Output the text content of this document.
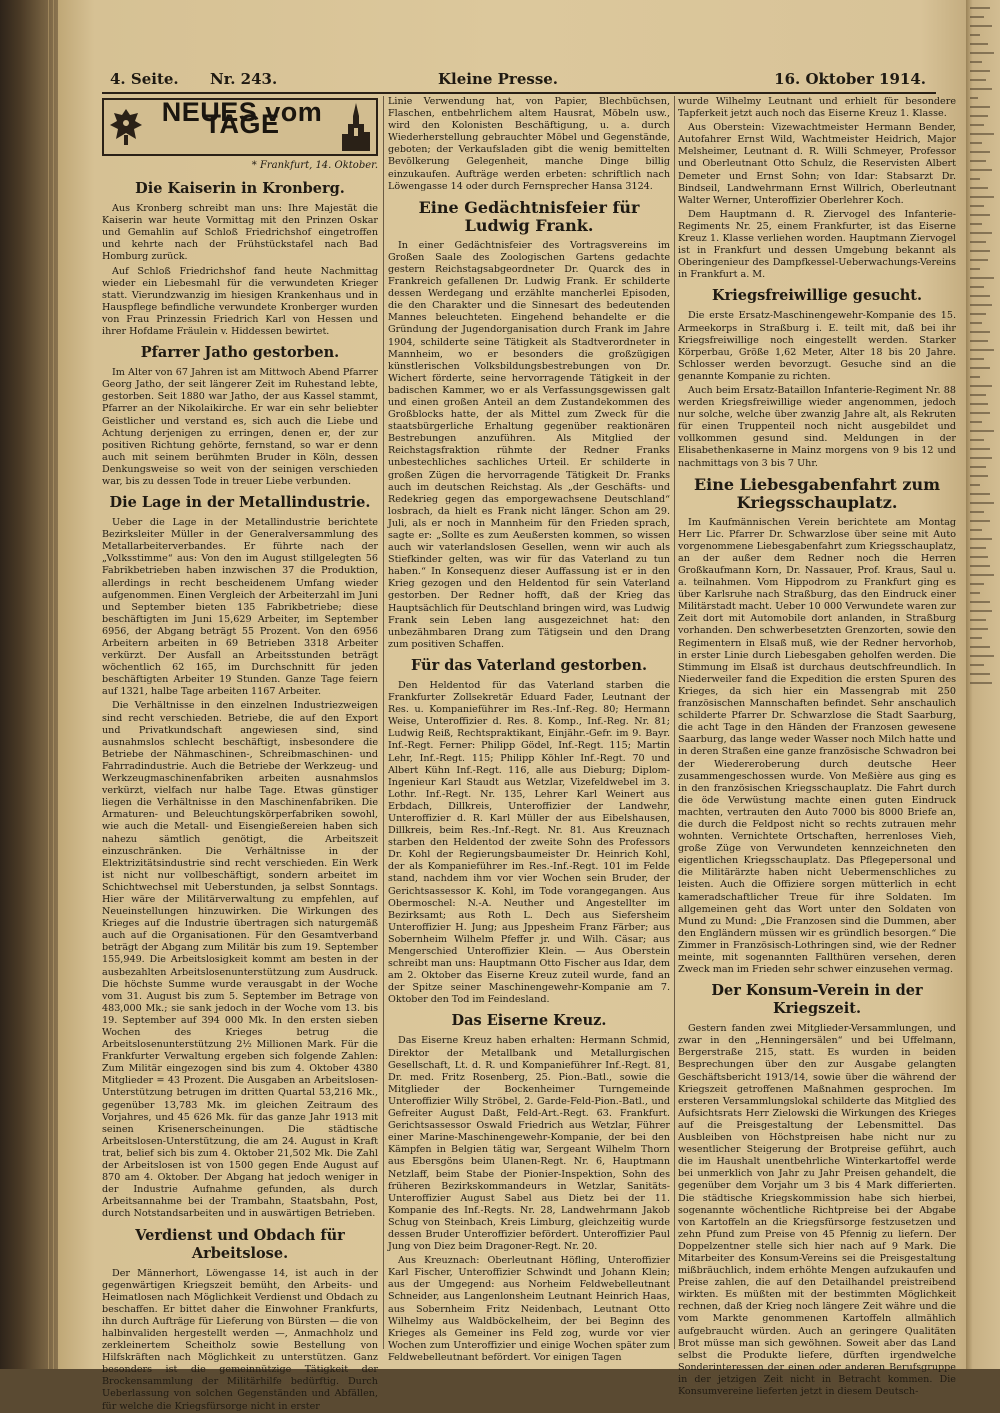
4. Seite. Nr. 243.	Kleine Presse.	16. Oktober 1914.
NEUES vom TAGE
* Frankfurt, 14. Oktober.
Die Kaiserin in Kronberg.

Aus Kronberg schreibt man uns: Ihre Majestät die Kaiserin war heute Vormittag mit den Prinzen Oskar und Gemahlin auf Schloß Friedrichshof eingetroffen und kehrte nach der Frühstückstafel nach Bad Homburg zurück.

Auf Schloß Friedrichshof fand heute Nachmittag wieder ein Liebesmahl für die verwundeten Krieger statt. Vierundzwanzig im hiesigen Krankenhaus und in Hauspflege befindliche verwundete Kronberger wurden von Frau Prinzessin Friedrich Karl von Hessen und ihrer Hofdame Fräulein v. Hiddessen bewirtet.

Pfarrer Jatho gestorben.

Im Alter von 67 Jahren ist am Mittwoch Abend Pfarrer Georg Jatho, der seit längerer Zeit im Ruhestand lebte, gestorben. Seit 1880 war Jatho, der aus Kassel stammt, Pfarrer an der Nikolaikirche. Er war ein sehr beliebter Geistlicher und verstand es, sich auch die Liebe und Achtung derjenigen zu erringen, denen er, der zur positiven Richtung gehörte, fernstand, so war er denn auch mit seinem berühmten Bruder in Köln, dessen Denkungsweise so weit von der seinigen verschieden war, bis zu dessen Tode in treuer Liebe verbunden.

Die Lage in der Metallindustrie.

Ueber die Lage in der Metallindustrie berichtete Bezirksleiter Müller in der Generalversammlung des Metallarbeiterverbandes. Er führte nach der „Volksstimme“ aus: Von den im August stillgelegten 56 Fabrikbetrieben haben inzwischen 37 die Produktion, allerdings in recht bescheidenem Umfang wieder aufgenommen. Einen Vergleich der Arbeiterzahl im Juni und September bieten 135 Fabrikbetriebe; diese beschäftigten im Juni 15,629 Arbeiter, im September 6956, der Abgang beträgt 55 Prozent. Von den 6956 Arbeitern arbeiten in 69 Betrieben 3318 Arbeiter verkürzt. Der Ausfall an Arbeitsstunden beträgt wöchentlich 62 165, im Durchschnitt für jeden beschäftigten Arbeiter 19 Stunden. Ganze Tage feiern auf 1321, halbe Tage arbeiten 1167 Arbeiter.

Die Verhältnisse in den einzelnen Industriezweigen sind recht verschieden. Betriebe, die auf den Export und Privatkundschaft angewiesen sind, sind ausnahmslos schlecht beschäftigt, insbesondere die Betriebe der Nähmaschinen-, Schreibmaschinen- und Fahrradindustrie. Auch die Betriebe der Werkzeug- und Werkzeugmaschinenfabriken arbeiten ausnahmslos verkürzt, vielfach nur halbe Tage. Etwas günstiger liegen die Verhältnisse in den Maschinenfabriken. Die Armaturen- und Beleuchtungskörperfabriken sowohl, wie auch die Metall- und Eisengießereien haben sich nahezu sämtlich genötigt, die Arbeitszeit einzuschränken. Die Verhältnisse in der Elektrizitätsindustrie sind recht verschieden. Ein Werk ist nicht nur vollbeschäftigt, sondern arbeitet im Schichtwechsel mit Ueberstunden, ja selbst Sonntags. Hier wäre der Militärverwaltung zu empfehlen, auf Neueinstellungen hinzuwirken. Die Wirkungen des Krieges auf die Industrie übertragen sich naturgemäß auch auf die Organisationen. Für den Gesamtverband beträgt der Abgang zum Militär bis zum 19. September 155,949. Die Arbeitslosigkeit kommt am besten in der ausbezahlten Arbeitslosenunterstützung zum Ausdruck. Die höchste Summe wurde verausgabt in der Woche vom 31. August bis zum 5. September im Betrage von 483,000 Mk.; sie sank jedoch in der Woche vom 13. bis 19. September auf 394 000 Mk. In den ersten sieben Wochen des Krieges betrug die Arbeitslosenunterstützung 2½ Millionen Mark. Für die Frankfurter Verwaltung ergeben sich folgende Zahlen: Zum Militär eingezogen sind bis zum 4. Oktober 4380 Mitglieder = 43 Prozent. Die Ausgaben an Arbeitslosen-Unterstützung betrugen im dritten Quartal 53,216 Mk., gegenüber 13,783 Mk. im gleichen Zeitraum des Vorjahres, und 45 626 Mk. für das ganze Jahr 1913 mit seinen Krisenerscheinungen. Die städtische Arbeitslosen-Unterstützung, die am 24. August in Kraft trat, belief sich bis zum 4. Oktober 21,502 Mk. Die Zahl der Arbeitslosen ist von 1500 gegen Ende August auf 870 am 4. Oktober. Der Abgang hat jedoch weniger in der Industrie Aufnahme gefunden, als durch Arbeitsannahme bei der Trambahn, Staatsbahn, Post, durch Notstandsarbeiten und in auswärtigen Betrieben.

Verdienst und Obdach für Arbeitslose.

Der Männerhort, Löwengasse 14, ist auch in der gegenwärtigen Kriegszeit bemüht, den Arbeits- und Heimatlosen nach Möglichkeit Verdienst und Obdach zu beschaffen. Er bittet daher die Einwohner Frankfurts, ihn durch Aufträge für Lieferung von Bürsten — die von halbinvaliden hergestellt werden —, Anmachholz und zerkleinertem Scheitholz sowie Bestellung von Hilfskräften nach Möglichkeit zu unterstützen. Ganz besonders ist die gemeinnützige Tätigkeit der Brockensammlung der Militärhilfe bedürftig. Durch Ueberlassung von solchen Gegenständen und Abfällen, für welche die Kriegsfürsorge nicht in erster

Linie Verwendung hat, von Papier, Blechbüchsen, Flaschen, entbehrlichem altem Hausrat, Möbeln usw., wird den Kolonisten Beschäftigung, u. a. durch Wiederherstellung gebrauchter Möbel und Gegenstände, geboten; der Verkaufsladen gibt die wenig bemittelten Bevölkerung Gelegenheit, manche Dinge billig einzukaufen. Aufträge werden erbeten: schriftlich nach Löwengasse 14 oder durch Fernsprecher Hansa 3124.

Eine Gedächtnisfeier für Ludwig Frank.

In einer Gedächtnisfeier des Vortragsvereins im Großen Saale des Zoologischen Gartens gedachte gestern Reichstagsabgeordneter Dr. Quarck des in Frankreich gefallenen Dr. Ludwig Frank. Er schilderte dessen Werdegang und erzählte mancherlei Episoden, die den Charakter und die Sinnesart des bedeutenden Mannes beleuchteten. Eingehend behandelte er die Gründung der Jugendorganisation durch Frank im Jahre 1904, schilderte seine Tätigkeit als Stadtverordneter in Mannheim, wo er besonders die großzügigen künstlerischen Volksbildungsbestrebungen von Dr. Wichert förderte, seine hervorragende Tätigkeit in der badischen Kammer, wo er als Verfassungsgewissen galt und einen großen Anteil an dem Zustandekommen des Großblocks hatte, der als Mittel zum Zweck für die staatsbürgerliche Erhaltung gegenüber reaktionären Bestrebungen anzuführen. Als Mitglied der Reichstagsfraktion rühmte der Redner Franks unbestechliches sachliches Urteil. Er schilderte in großen Zügen die hervorragende Tätigkeit Dr. Franks auch im deutschen Reichstag. Als „der Geschäfts- und Redekrieg gegen das emporgewachsene Deutschland“ losbrach, da hielt es Frank nicht länger. Schon am 29. Juli, als er noch in Mannheim für den Frieden sprach, sagte er: „Sollte es zum Aeußersten kommen, so wissen auch wir vaterlandslosen Gesellen, wenn wir auch als Stiefkinder gelten, was wir für das Vaterland zu tun haben.“ In Konsequenz dieser Auffassung ist er in den Krieg gezogen und den Heldentod für sein Vaterland gestorben. Der Redner hofft, daß der Krieg das Hauptsächlich für Deutschland bringen wird, was Ludwig Frank sein Leben lang ausgezeichnet hat: den unbezähmbaren Drang zum Tätigsein und den Drang zum positiven Schaffen.

Für das Vaterland gestorben.

Den Heldentod für das Vaterland starben die Frankfurter Zollsekretär Eduard Fader, Leutnant der Res. u. Kompanieführer im Res.-Inf.-Reg. 80; Hermann Weise, Unteroffizier d. Res. 8. Komp., Inf.-Reg. Nr. 81; Ludwig Reiß, Rechtspraktikant, Einjähr.-Gefr. im 9. Bayr. Inf.-Regt. Ferner: Philipp Gödel, Inf.-Regt. 115; Martin Lehr, Inf.-Regt. 115; Philipp Köhler Inf.-Regt. 70 und Albert Kühn Inf.-Regt. 116, alle aus Dieburg; Diplom-Ingenieur Karl Staudt aus Wetzlar, Vizefeldwebel im 3. Lothr. Inf.-Regt. Nr. 135, Lehrer Karl Weinert aus Erbdach, Dillkreis, Unteroffizier der Landwehr, Unteroffizier d. R. Karl Müller der aus Eibelshausen, Dillkreis, beim Res.-Inf.-Regt. Nr. 81. Aus Kreuznach starben den Heldentod der zweite Sohn des Professors Dr. Kohl der Regierungsbaumeister Dr. Heinrich Kohl, der als Kompanieführer im Res.-Inf.-Regt. 101 im Felde stand, nachdem ihm vor vier Wochen sein Bruder, der Gerichtsassessor K. Kohl, im Tode vorangegangen. Aus Obermoschel: N.-A. Neuther und Angestellter im Bezirksamt; aus Roth L. Dech aus Siefersheim Unteroffizier H. Jung; aus Jppesheim Franz Färber; aus Sobernheim Wilhelm Pfeffer jr. und Wilh. Cäsar; aus Mengerschied Unteroffizier Klein. — Aus Oberstein schreibt man uns: Hauptmann Otto Fischer aus Idar, dem am 2. Oktober das Eiserne Kreuz zuteil wurde, fand an der Spitze seiner Maschinengewehr-Kompanie am 7. Oktober den Tod im Feindesland.

Das Eiserne Kreuz.

Das Eiserne Kreuz haben erhalten: Hermann Schmid, Direktor der Metallbank und Metallurgischen Gesellschaft, Lt. d. R. und Kompanieführer Inf.-Regt. 81, Dr. med. Fritz Rosenberg, 25. Pion.-Batl., sowie die Mitglieder der Bockenheimer Turngemeinde Unteroffizier Willy Ströbel, 2. Garde-Feld-Pion.-Batl., und Gefreiter August Daßt, Feld-Art.-Regt. 63. Frankfurt. Gerichtsassessor Oswald Friedrich aus Wetzlar, Führer einer Marine-Maschinengewehr-Kompanie, der bei den Kämpfen in Belgien tätig war, Sergeant Wilhelm Thorn aus Ebersgöns beim Ulanen-Regt. Nr. 6, Hauptmann Netzlaff, beim Stabe der Pionier-Inspektion, Sohn des früheren Bezirkskommandeurs in Wetzlar, Sanitäts-Unteroffizier August Sabel aus Dietz bei der 11. Kompanie des Inf.-Regts. Nr. 28, Landwehrmann Jakob Schug von Steinbach, Kreis Limburg, gleichzeitig wurde dessen Bruder Unteroffizier befördert. Unteroffizier Paul Jung von Diez beim Dragoner-Regt. Nr. 20.

Aus Kreuznach: Oberleutnant Höfling, Unteroffizier Karl Fischer, Unteroffizier Schwindt und Johann Klein; aus der Umgegend: aus Norheim Feldwebelleutnant Schneider, aus Langenlonsheim Leutnant Heinrich Haas, aus Sobernheim Fritz Neidenbach, Leutnant Otto Wilhelmy aus Waldböckelheim, der bei Beginn des Krieges als Gemeiner ins Feld zog, wurde vor vier Wochen zum Unteroffizier und einige Wochen später zum Feldwebelleutnant befördert. Vor einigen Tagen

wurde Wilhelmy Leutnant und erhielt für besondere Tapferkeit jetzt auch noch das Eiserne Kreuz 1. Klasse.

Aus Oberstein: Vizewachtmeister Hermann Bender, Autofahrer Ernst Wild, Wachtmeister Heidrich, Major Melsheimer, Leutnant d. R. Willi Schmeyer, Professor und Oberleutnant Otto Schulz, die Reservisten Albert Demeter und Ernst Sohn; von Idar: Stabsarzt Dr. Bindseil, Landwehrmann Ernst Willrich, Oberleutnant Walter Werner, Unteroffizier Oberlehrer Koch.

Dem Hauptmann d. R. Ziervogel des Infanterie-Regiments Nr. 25, einem Frankfurter, ist das Eiserne Kreuz 1. Klasse verliehen worden. Hauptmann Ziervogel ist in Frankfurt und dessen Umgebung bekannt als Oberingenieur des Dampfkessel-Ueberwachungs-Vereins in Frankfurt a. M.

Kriegsfreiwillige gesucht.

Die erste Ersatz-Maschinengewehr-Kompanie des 15. Armeekorps in Straßburg i. E. teilt mit, daß bei ihr Kriegsfreiwillige noch eingestellt werden. Starker Körperbau, Größe 1,62 Meter, Alter 18 bis 20 Jahre. Schlosser werden bevorzugt. Gesuche sind an die genannte Kompanie zu richten.

Auch beim Ersatz-Bataillon Infanterie-Regiment Nr. 88 werden Kriegsfreiwillige wieder angenommen, jedoch nur solche, welche über zwanzig Jahre alt, als Rekruten für einen Truppenteil noch nicht ausgebildet und vollkommen gesund sind. Meldungen in der Elisabethenkaserne in Mainz morgens von 9 bis 12 und nachmittags von 3 bis 7 Uhr.

Eine Liebesgabenfahrt zum Kriegsschauplatz.

Im Kaufmännischen Verein berichtete am Montag Herr Lic. Pfarrer Dr. Schwarzlose über seine mit Auto vorgenommene Liebesgabenfahrt zum Kriegsschauplatz, an der außer dem Redner noch die Herren Großkaufmann Korn, Dr. Nassauer, Prof. Kraus, Saul u. a. teilnahmen. Vom Hippodrom zu Frankfurt ging es über Karlsruhe nach Straßburg, das den Eindruck einer Militärstadt macht. Ueber 10 000 Verwundete waren zur Zeit dort mit Automobile dort anlanden, in Straßburg vorhanden. Den schwerbesetzten Grenzorten, sowie den Regimentern in Elsaß muß, wie der Redner hervorhob, in erster Linie durch Liebesgaben geholfen werden. Die Stimmung im Elsaß ist durchaus deutschfreundlich. In Niederweiler fand die Expedition die ersten Spuren des Krieges, da sich hier ein Massengrab mit 250 französischen Mannschaften befindet. Sehr anschaulich schilderte Pfarrer Dr. Schwarzlose die Stadt Saarburg, die acht Tage in den Händen der Franzosen gewesene Saarburg, das lange weder Wasser noch Milch hatte und in deren Straßen eine ganze französische Schwadron bei der Wiedereroberung durch deutsche Heer zusammengeschossen wurde. Von Meßière aus ging es in den französischen Kriegsschauplatz. Die Fahrt durch die öde Verwüstung machte einen guten Eindruck machten, vertrauten den Auto 7000 bis 8000 Briefe an, die durch die Feldpost nicht so rechts zutrauen mehr wohnten. Vernichtete Ortschaften, herrenloses Vieh, große Züge von Verwundeten kennzeichneten den eigentlichen Kriegsschauplatz. Das Pflegepersonal und die Militärärzte haben nicht Uebermenschliches zu leisten. Auch die Offiziere sorgen mütterlich in echt kameradschaftlicher Treue für ihre Soldaten. Im allgemeinen geht das Wort unter den Soldaten von Mund zu Mund: „Die Franzosen sind die Dummen, aber den Engländern müssen wir es gründlich besorgen.“ Die Zimmer in Französisch-Lothringen sind, wie der Redner meinte, mit sogenannten Fallthüren versehen, deren Zweck man im Frieden sehr schwer einzusehen vermag.

Der Konsum-Verein in der Kriegszeit.

Gestern fanden zwei Mitglieder-Versammlungen, und zwar in den „Henningersälen“ und bei Uffelmann, Bergerstraße 215, statt. Es wurden in beiden Besprechungen über den zur Ausgabe gelangten Geschäftsbericht 1913/14, sowie über die während der Kriegszeit getroffenen Maßnahmen gesprochen. Im ersteren Versammlungslokal schilderte das Mitglied des Aufsichtsrats Herr Zielowski die Wirkungen des Krieges auf die Preisgestaltung der Lebensmittel. Das Ausbleiben von Höchstpreisen habe nicht nur zu wesentlicher Steigerung der Brotpreise geführt, auch die im Haushalt unentbehrliche Winterkartoffel werde bei unmerklich von Jahr zu Jahr Preisen gehandelt, die gegenüber dem Vorjahr um 3 bis 4 Mark differierten. Die städtische Kriegskommission habe sich hierbei, sogenannte wöchentliche Richtpreise bei der Abgabe von Kartoffeln an die Kriegsfürsorge festzusetzen und zehn Pfund zum Preise von 45 Pfennig zu liefern. Der Doppelzentner stelle sich hier nach auf 9 Mark. Die Mitarbeiter des Konsum-Vereins sei die Preisgestaltung mißbräuchlich, indem erhöhte Mengen aufzukaufen und Preise zahlen, die auf den Detailhandel preistreibend wirkten. Es müßten mit der bestimmten Möglichkeit rechnen, daß der Krieg noch längere Zeit währe und die vom Markte genommenen Kartoffeln allmählich aufgebraucht würden. Auch an geringere Qualitäten Brot müsse man sich gewöhnen. Soweit aber das Land selbst die Produkte liefere, dürften irgendwelche Sonderinteressen der einen oder anderen Berufsgruppe in der jetzigen Zeit nicht in Betracht kommen. Die Konsumvereine lieferten jetzt in diesem Deutsch-
